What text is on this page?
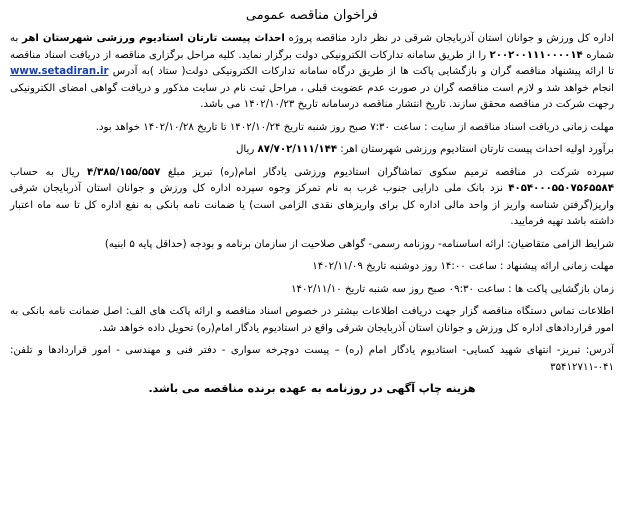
فراخوان مناقصه عمومی

اداره کل ورزش و جوانان استان آذربایجان شرقی در نظر دارد مناقصه پروژه احداث پیست تارتان استادیوم ورزشی شهرستان اهر به شماره ۲۰۰۲۰۰۱۱۱۰۰۰۰۱۴ را از طریق سامانه تدارکات الکترونیکی دولت برگزار نماید. کلیه مراحل برگزاری مناقصه از دریافت اسناد مناقصه تا ارائه پیشنهاد مناقصه گران و بازگشایی پاکت ها از طریق درگاه سامانه تدارکات الکترونیکی دولت( ستاد )به آدرس www.setadiran.ir انجام خواهد شد و لازم است مناقصه گران در صورت عدم عضویت قبلی ، مراحل ثبت نام در سایت مذکور و دریافت گواهی امضای الکترونیکی رجهت شرکت در مناقصه محقق سازند. تاریخ انتشار مناقصه درسامانه تاریخ ۱۴۰۲/۱۰/۲۳ می باشد.

مهلت زمانی دریافت اسناد مناقصه از سایت : ساعت ۷:۳۰ صبح روز شنبه تاریخ ۱۴۰۲/۱۰/۲۴ تا تاریخ ۱۴۰۲/۱۰/۲۸ خواهد بود.

برآورد اولیه احداث پیست تارتان استادیوم ورزشی شهرستان اهر: ۸۷/۷۰۲/۱۱۱/۱۴۴ ریال

سپرده شرکت در مناقصه ترمیم سکوی تماشاگران استادیوم ورزشی یادگار امام(ره) تبریز مبلغ ۴/۳۸۵/۱۵۵/۵۵۷ ریال به حساب ۴۰۵۴۰۰۰۵۵۰۷۵۶۵۵۸۴ نزد بانک ملی دارایی جنوب غرب به نام تمرکز وجوه سپرده اداره کل ورزش و جوانان استان آذربایجان شرقی واریز(گرفتن شناسه واریز از واحد مالی اداره کل برای واریزهای نقدی الزامی است) یا ضمانت نامه بانکی به نفع اداره کل تا سه ماه اعتبار داشته باشد تهیه فرمایید.

شرایط الزامی متقاضیان: ارائه اساسنامه- روزنامه رسمی- گواهی صلاحیت از سازمان برنامه و بودجه (حداقل پایه ۵ ابنیه)

مهلت زمانی ارائه پیشنهاد : ساعت ۱۴:۰۰ روز دوشنبه تاریخ ۱۴۰۲/۱۱/۰۹

زمان بازگشایی پاکت ها : ساعت ۰۹:۳۰ صبح روز سه شنبه تاریخ ۱۴۰۲/۱۱/۱۰

اطلاعات تماس دستگاه مناقصه گزار جهت دریافت اطلاعات بیشتر در خصوص اسناد مناقصه و ارائه پاکت های الف: اصل ضمانت نامه بانکی به امور قراردادهای اداره کل ورزش و جوانان استان آذربایجان شرقی واقع در استادیوم یادگار امام(ره) تحویل داده خواهد شد.

آدرس: تبریز- انتهای شهید کسایی- استادیوم یادگار امام (ره) – پیست دوچرخه سواری - دفتر فنی و مهندسی - امور قراردادها و تلفن: ۰۴۱-۳۵۴۱۲۷۱۱

هزینه چاپ آگهی در روزنامه به عهده برنده مناقصه می باشد.
